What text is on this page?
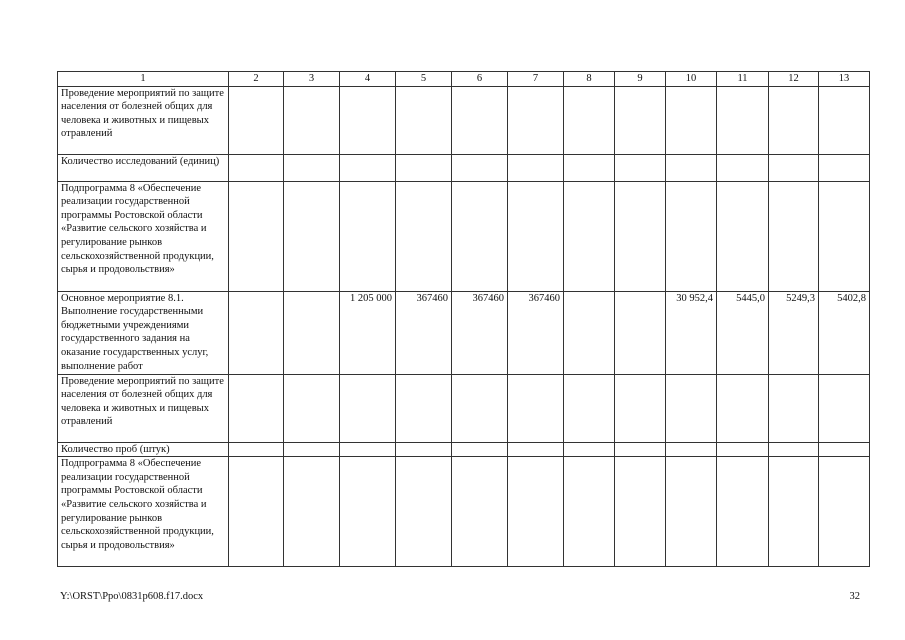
1	2	3	4	5	6	7	8	9	10	11	12	13
Проведение мероприятий по защите населения от болезней общих для человека и животных и пищевых отравлений												
Количество исследований (единиц)												
Подпрограмма 8 «Обеспечение реализации государственной программы Ростовской области «Развитие сельского хозяйства и регулирование рынков сельскохозяйственной продукции, сырья и продовольствия»												
Основное мероприятие 8.1. Выполнение государственными бюджетными учреждениями государственного задания на оказание государственных услуг, выполнение работ			1 205 000	367460	367460	367460			30 952,4	5445,0	5249,3	5402,8
Проведение мероприятий по защите населения от болезней общих для человека и животных и пищевых отравлений												
Количество проб (штук)												
Подпрограмма 8 «Обеспечение реализации государственной программы Ростовской области «Развитие сельского хозяйства и регулирование рынков сельскохозяйственной продукции, сырья и продовольствия»												
Y:\ORST\Ppo\0831p608.f17.docx	32
